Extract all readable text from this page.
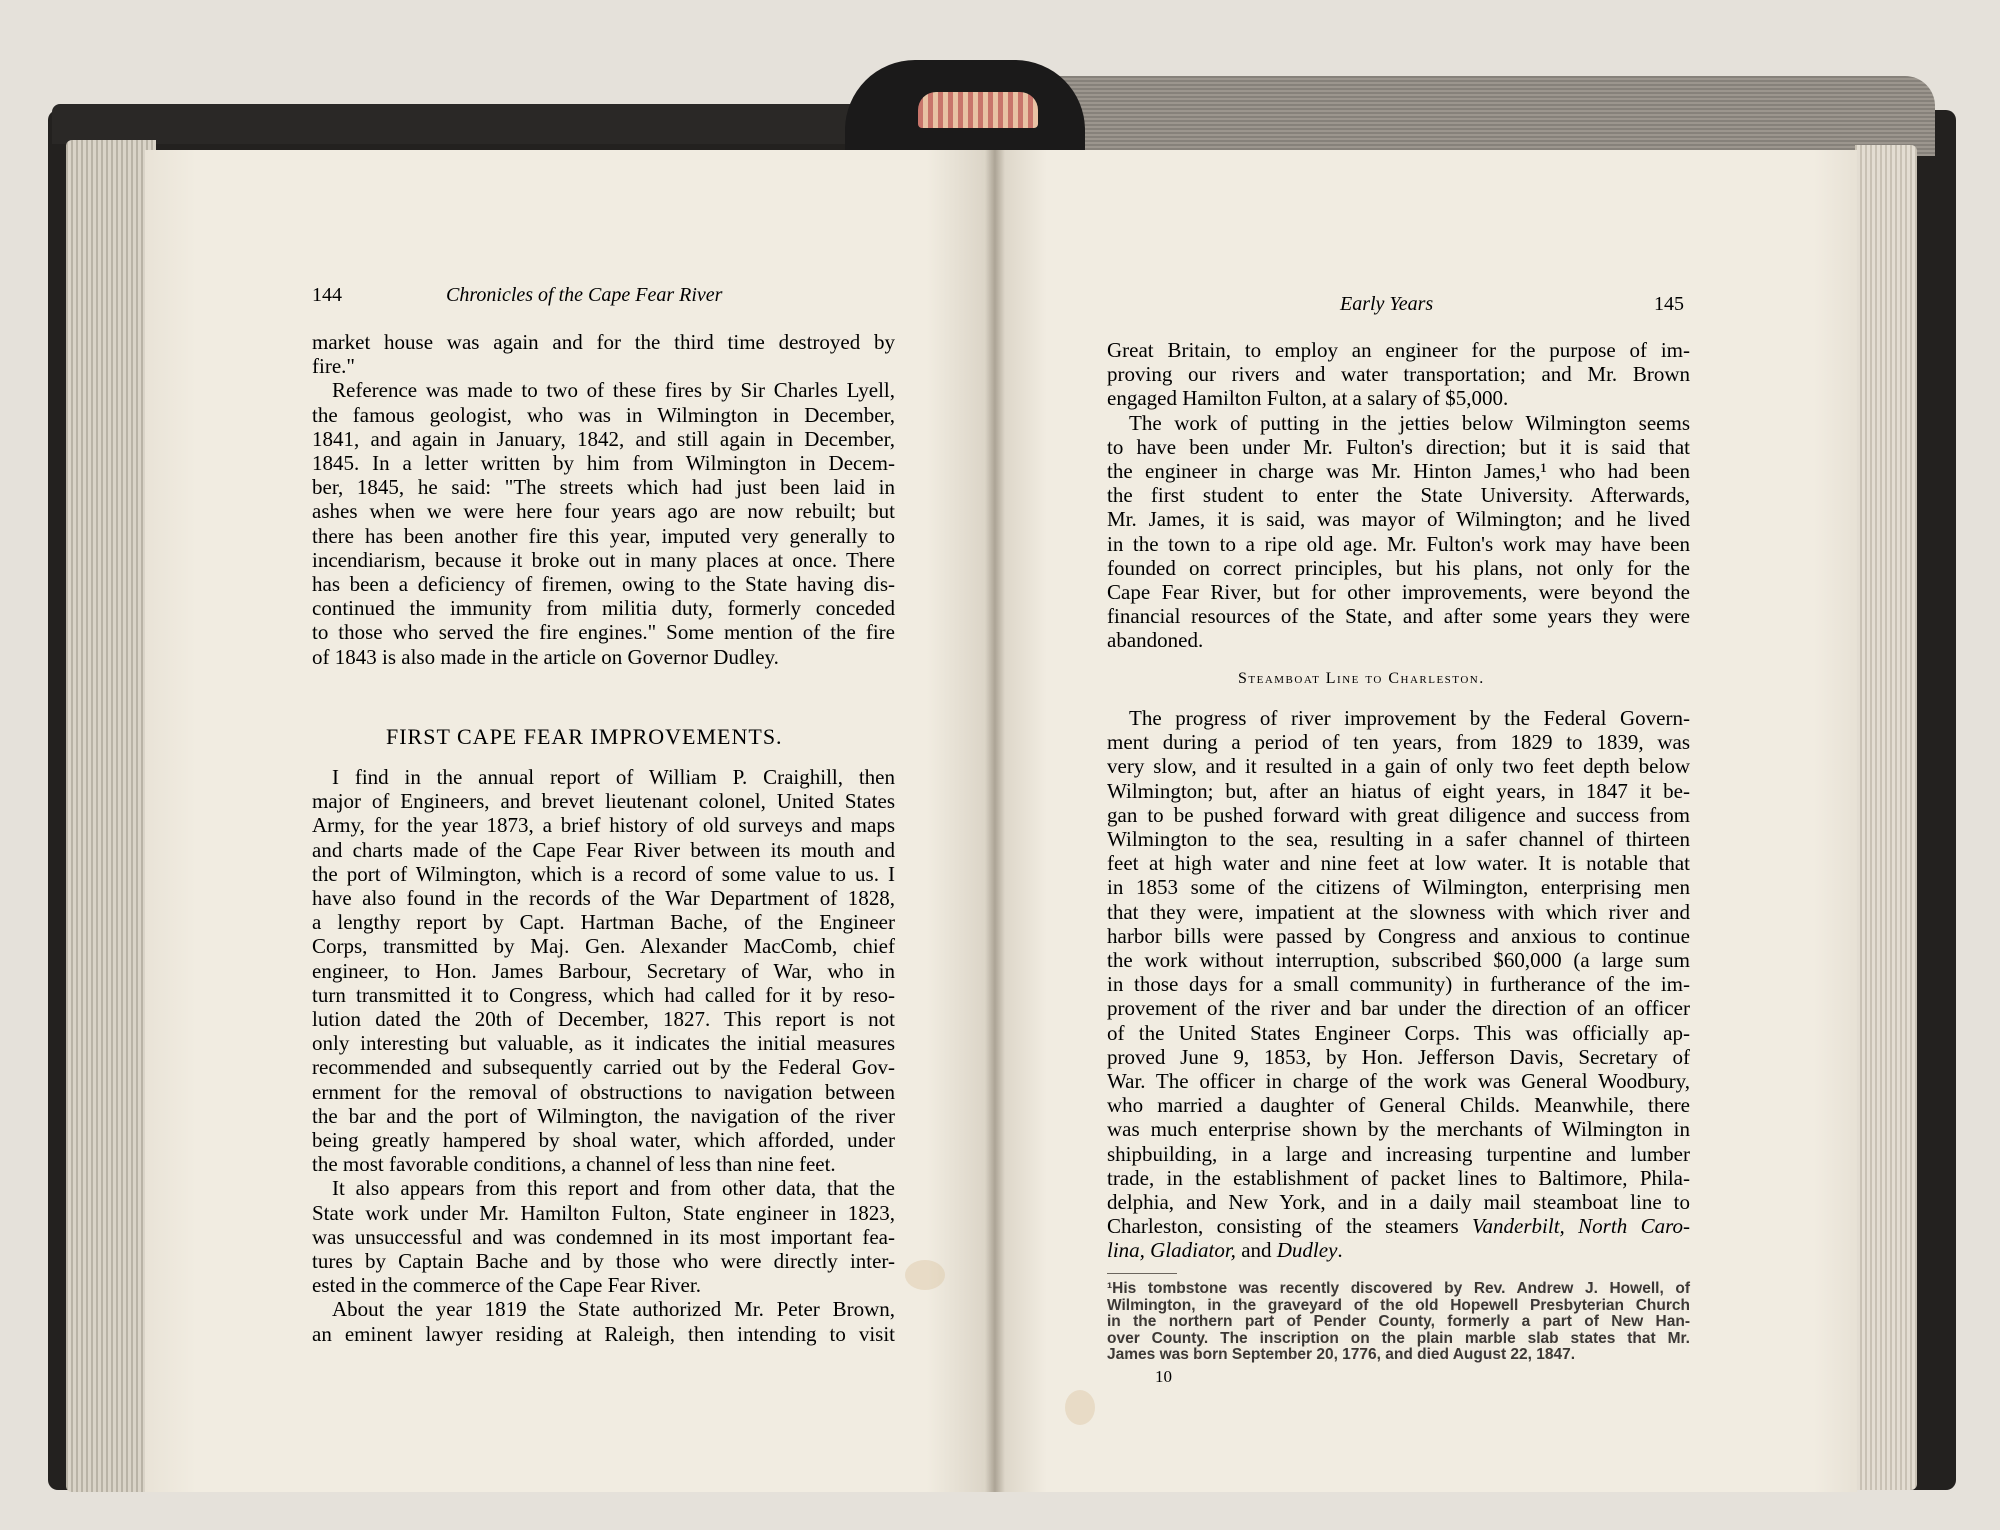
144	Chronicles of the Cape Fear River
market house was again and for the third time destroyed by
fire."
Reference was made to two of these fires by Sir Charles Lyell,
the famous geologist, who was in Wilmington in December,
1841, and again in January, 1842, and still again in December,
1845. In a letter written by him from Wilmington in Decem-
ber, 1845, he said: "The streets which had just been laid in
ashes when we were here four years ago are now rebuilt; but
there has been another fire this year, imputed very generally to
incendiarism, because it broke out in many places at once. There
has been a deficiency of firemen, owing to the State having dis-
continued the immunity from militia duty, formerly conceded
to those who served the fire engines." Some mention of the fire
of 1843 is also made in the article on Governor Dudley.
I find in the annual report of William P. Craighill, then
major of Engineers, and brevet lieutenant colonel, United States
Army, for the year 1873, a brief history of old surveys and maps
and charts made of the Cape Fear River between its mouth and
the port of Wilmington, which is a record of some value to us. I
have also found in the records of the War Department of 1828,
a lengthy report by Capt. Hartman Bache, of the Engineer
Corps, transmitted by Maj. Gen. Alexander MacComb, chief
engineer, to Hon. James Barbour, Secretary of War, who in
turn transmitted it to Congress, which had called for it by reso-
lution dated the 20th of December, 1827. This report is not
only interesting but valuable, as it indicates the initial measures
recommended and subsequently carried out by the Federal Gov-
ernment for the removal of obstructions to navigation between
the bar and the port of Wilmington, the navigation of the river
being greatly hampered by shoal water, which afforded, under
the most favorable conditions, a channel of less than nine feet.
It also appears from this report and from other data, that the
State work under Mr. Hamilton Fulton, State engineer in 1823,
was unsuccessful and was condemned in its most important fea-
tures by Captain Bache and by those who were directly inter-
ested in the commerce of the Cape Fear River.
About the year 1819 the State authorized Mr. Peter Brown,
an eminent lawyer residing at Raleigh, then intending to visit
FIRST CAPE FEAR IMPROVEMENTS.
Early Years	145
Great Britain, to employ an engineer for the purpose of im-
proving our rivers and water transportation; and Mr. Brown
engaged Hamilton Fulton, at a salary of $5,000.
The work of putting in the jetties below Wilmington seems
to have been under Mr. Fulton's direction; but it is said that
the engineer in charge was Mr. Hinton James,¹ who had been
the first student to enter the State University. Afterwards,
Mr. James, it is said, was mayor of Wilmington; and he lived
in the town to a ripe old age. Mr. Fulton's work may have been
founded on correct principles, but his plans, not only for the
Cape Fear River, but for other improvements, were beyond the
financial resources of the State, and after some years they were
abandoned.
The progress of river improvement by the Federal Govern-
ment during a period of ten years, from 1829 to 1839, was
very slow, and it resulted in a gain of only two feet depth below
Wilmington; but, after an hiatus of eight years, in 1847 it be-
gan to be pushed forward with great diligence and success from
Wilmington to the sea, resulting in a safer channel of thirteen
feet at high water and nine feet at low water. It is notable that
in 1853 some of the citizens of Wilmington, enterprising men
that they were, impatient at the slowness with which river and
harbor bills were passed by Congress and anxious to continue
the work without interruption, subscribed $60,000 (a large sum
in those days for a small community) in furtherance of the im-
provement of the river and bar under the direction of an officer
of the United States Engineer Corps. This was officially ap-
proved June 9, 1853, by Hon. Jefferson Davis, Secretary of
War. The officer in charge of the work was General Woodbury,
who married a daughter of General Childs. Meanwhile, there
was much enterprise shown by the merchants of Wilmington in
shipbuilding, in a large and increasing turpentine and lumber
trade, in the establishment of packet lines to Baltimore, Phila-
delphia, and New York, and in a daily mail steamboat line to
Charleston, consisting of the steamers Vanderbilt, North Caro-
lina, Gladiator, and Dudley.
Steamboat Line to Charleston.
¹His tombstone was recently discovered by Rev. Andrew J. Howell, of
Wilmington, in the graveyard of the old Hopewell Presbyterian Church
in the northern part of Pender County, formerly a part of New Han-
over County. The inscription on the plain marble slab states that Mr.
James was born September 20, 1776, and died August 22, 1847.
10
